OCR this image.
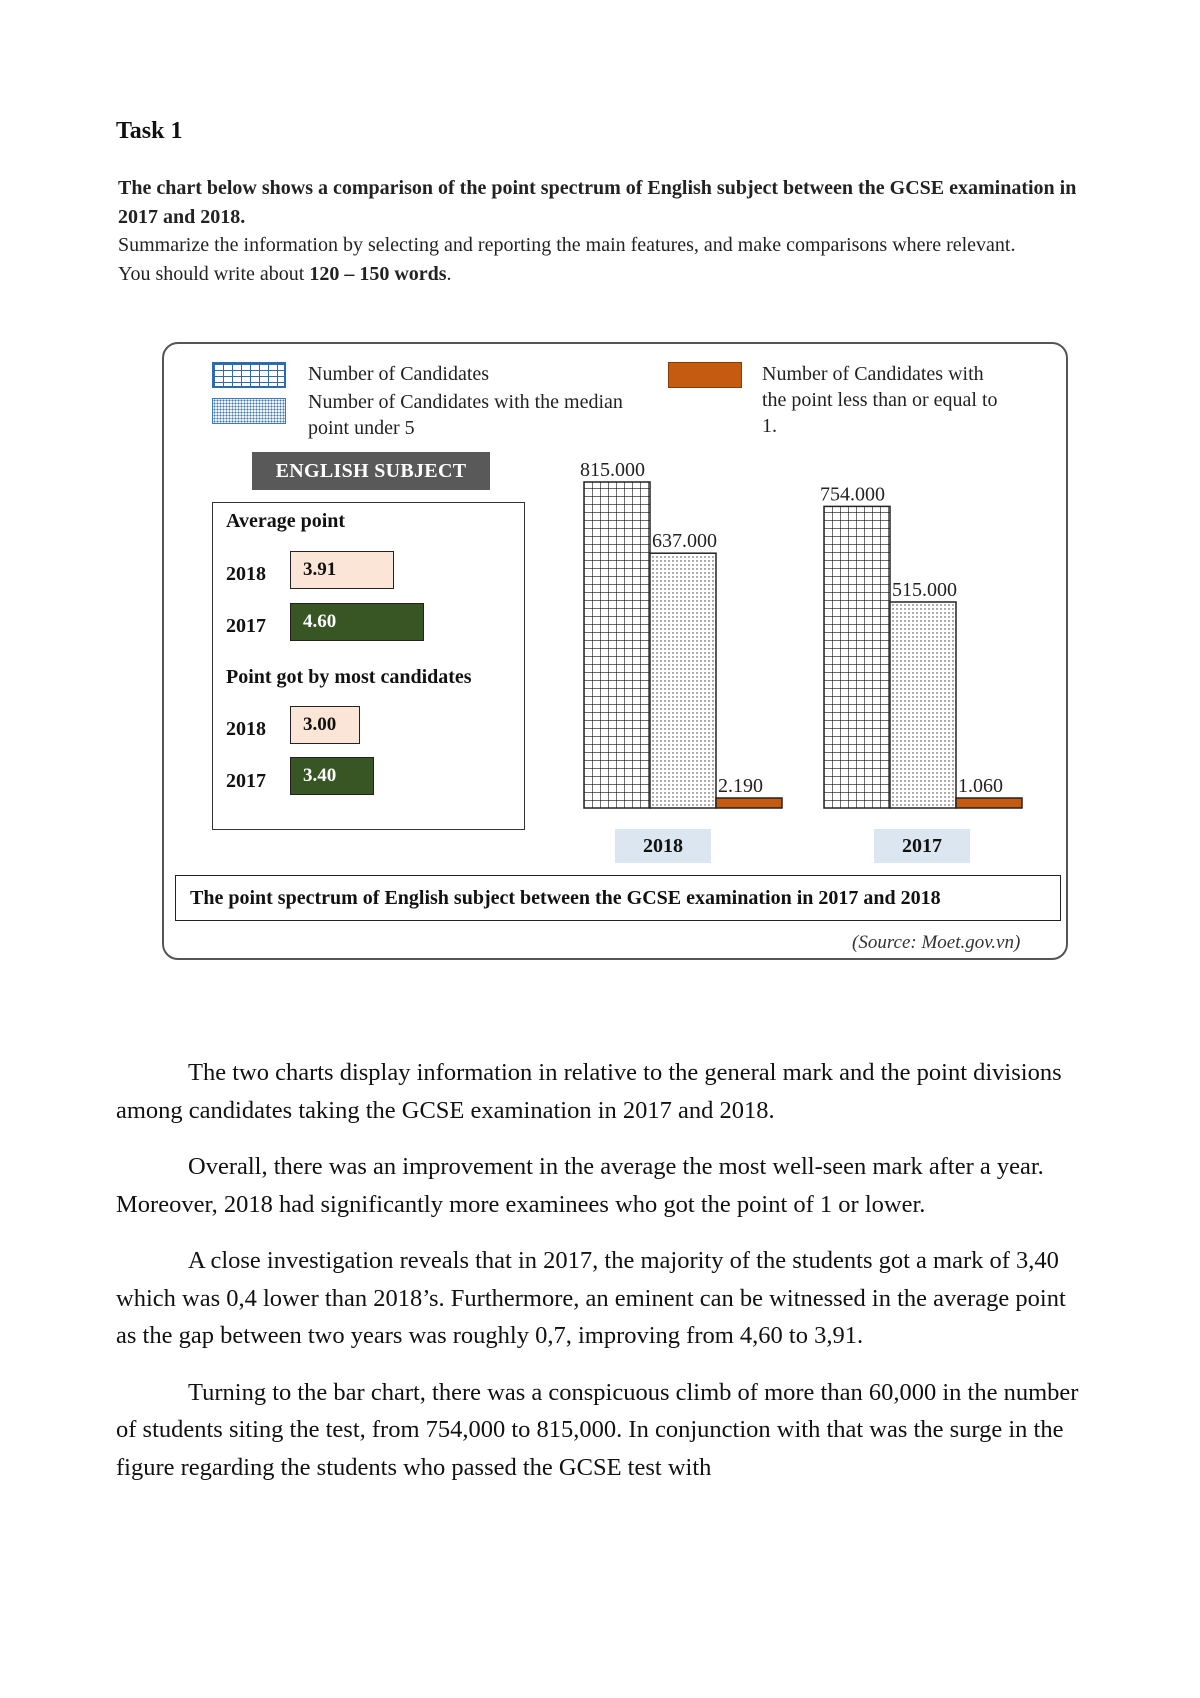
Task 1

The chart below shows a comparison of the point spectrum of English subject between the GCSE examination in 2017 and 2018.

Summarize the information by selecting and reporting the main features, and make comparisons where relevant.

You should write about 120 – 150 words.

Number of Candidates
Number of Candidates with the median point under 5
Number of Candidates with the point less than or equal to 1.
ENGLISH SUBJECT
Average point
2018	3.91
2017	4.60
Point got by most candidates
2018	3.00
2017	3.40
815.000
637.000
2.190
754.000
515.000
1.060
2018	2017
The point spectrum of English subject between the GCSE examination in 2017 and 2018
(Source: Moet.gov.vn)

The two charts display information in relative to the general mark and the point divisions among candidates taking the GCSE examination in 2017 and 2018.

Overall, there was an improvement in the average the most well-seen mark after a year. Moreover, 2018 had significantly more examinees who got the point of 1 or lower.

A close investigation reveals that in 2017, the majority of the students got a mark of 3,40 which was 0,4 lower than 2018’s. Furthermore, an eminent can be witnessed in the average point as the gap between two years was roughly 0,7, improving from 4,60 to 3,91.

Turning to the bar chart, there was a conspicuous climb of more than 60,000 in the number of students siting the test, from 754,000 to 815,000. In conjunction with that was the surge in the figure regarding the students who passed the GCSE test with
